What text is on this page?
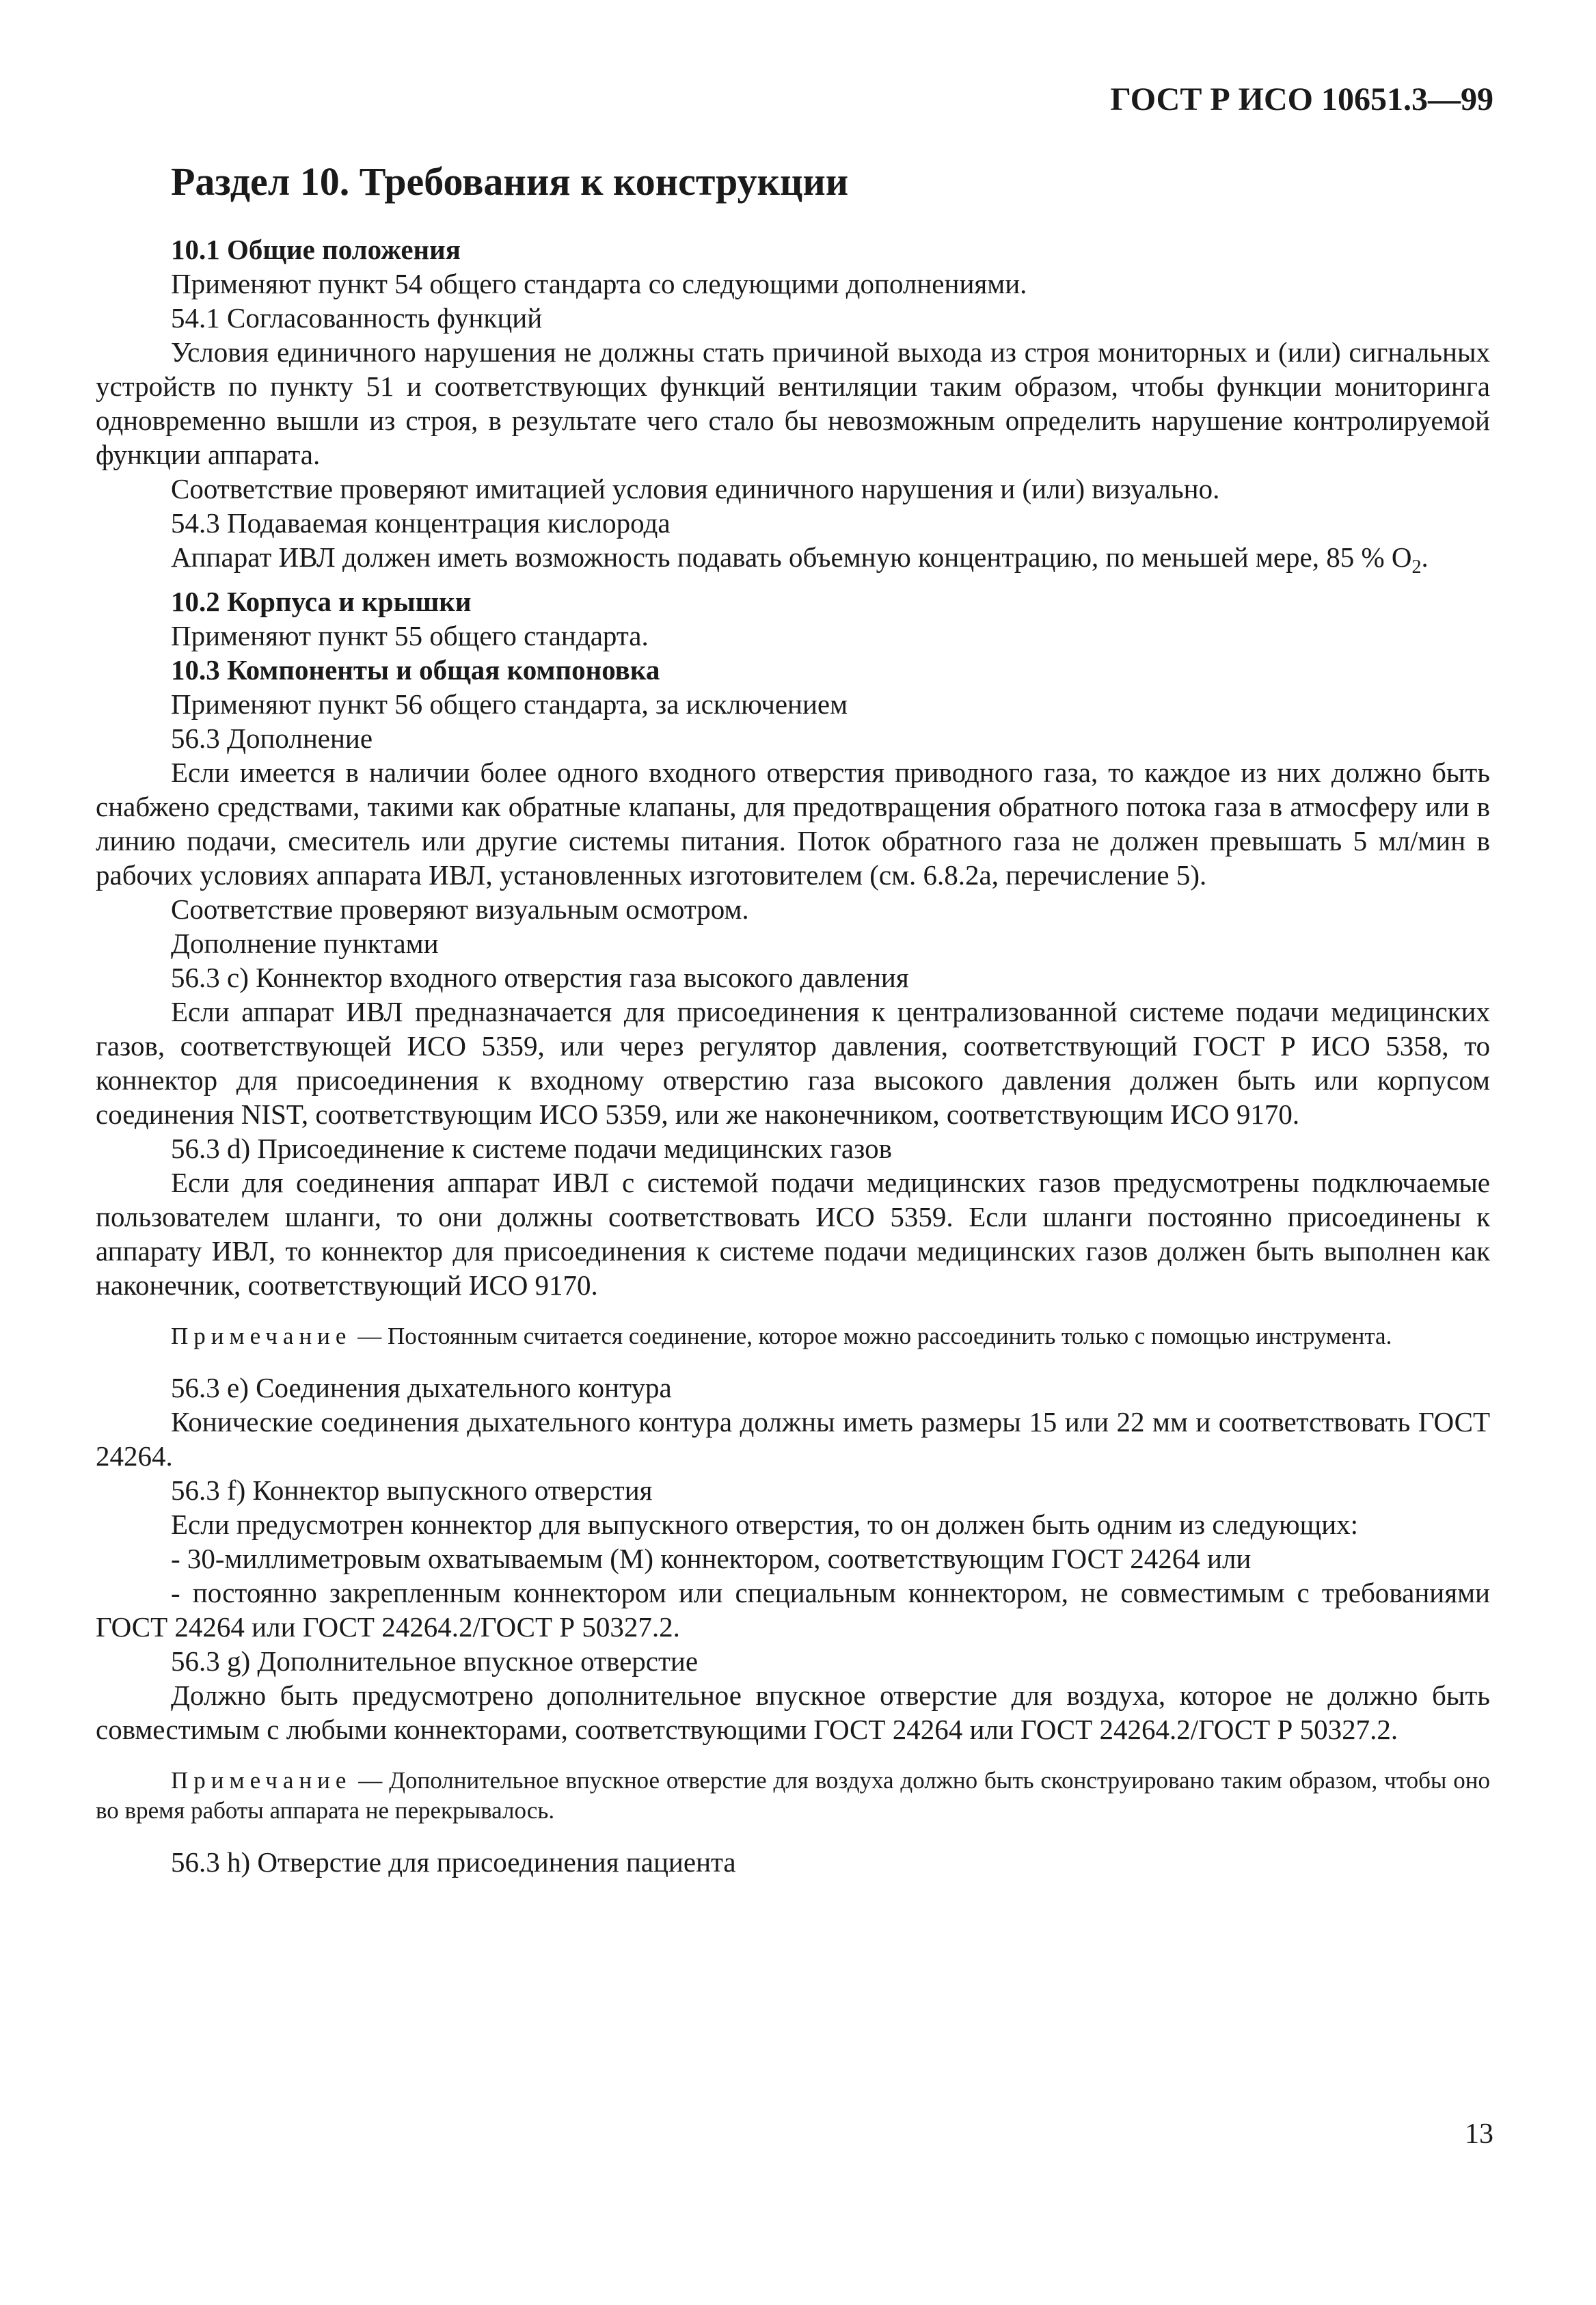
ГОСТ Р ИСО 10651.3—99
Раздел 10. Требования к конструкции

10.1 Общие положения

Применяют пункт 54 общего стандарта со следующими дополнениями.

54.1 Согласованность функций

Условия единичного нарушения не должны стать причиной выхода из строя мониторных и (или) сигнальных устройств по пункту 51 и соответствующих функций вентиляции таким образом, чтобы функции мониторинга одновременно вышли из строя, в результате чего стало бы невозможным определить нарушение контролируемой функции аппарата.

Соответствие проверяют имитацией условия единичного нарушения и (или) визуально.

54.3 Подаваемая концентрация кислорода

Аппарат ИВЛ должен иметь возможность подавать объемную концентрацию, по меньшей мере, 85 % $O_2$.

10.2 Корпуса и крышки

Применяют пункт 55 общего стандарта.

10.3 Компоненты и общая компоновка

Применяют пункт 56 общего стандарта, за исключением

56.3 Дополнение

Если имеется в наличии более одного входного отверстия приводного газа, то каждое из них должно быть снабжено средствами, такими как обратные клапаны, для предотвращения обратного потока газа в атмосферу или в линию подачи, смеситель или другие системы питания. Поток обратного газа не должен превышать 5 мл/мин в рабочих условиях аппарата ИВЛ, установленных изготовителем (см. 6.8.2а, перечисление 5).

Соответствие проверяют визуальным осмотром.

Дополнение пунктами

56.3 с) Коннектор входного отверстия газа высокого давления

Если аппарат ИВЛ предназначается для присоединения к централизованной системе подачи медицинских газов, соответствующей ИСО 5359, или через регулятор давления, соответствующий ГОСТ Р ИСО 5358, то коннектор для присоединения к входному отверстию газа высокого давления должен быть или корпусом соединения NIST, соответствующим ИСО 5359, или же наконечником, соответствующим ИСО 9170.

56.3 d) Присоединение к системе подачи медицинских газов

Если для соединения аппарат ИВЛ с системой подачи медицинских газов предусмотрены подключаемые пользователем шланги, то они должны соответствовать ИСО 5359. Если шланги постоянно присоединены к аппарату ИВЛ, то коннектор для присоединения к системе подачи медицинских газов должен быть выполнен как наконечник, соответствующий ИСО 9170.

Примечание — Постоянным считается соединение, которое можно рассоединить только с помощью инструмента.

56.3 е) Соединения дыхательного контура

Конические соединения дыхательного контура должны иметь размеры 15 или 22 мм и соответствовать ГОСТ 24264.

56.3 f) Коннектор выпускного отверстия

Если предусмотрен коннектор для выпускного отверстия, то он должен быть одним из следующих:

- 30-миллиметровым охватываемым (М) коннектором, соответствующим ГОСТ 24264 или

- постоянно закрепленным коннектором или специальным коннектором, не совместимым с требованиями ГОСТ 24264 или ГОСТ 24264.2/ГОСТ Р 50327.2.

56.3 g) Дополнительное впускное отверстие

Должно быть предусмотрено дополнительное впускное отверстие для воздуха, которое не должно быть совместимым с любыми коннекторами, соответствующими ГОСТ 24264 или ГОСТ 24264.2/ГОСТ Р 50327.2.

Примечание — Дополнительное впускное отверстие для воздуха должно быть сконструировано таким образом, чтобы оно во время работы аппарата не перекрывалось.

56.3 h) Отверстие для присоединения пациента

13
